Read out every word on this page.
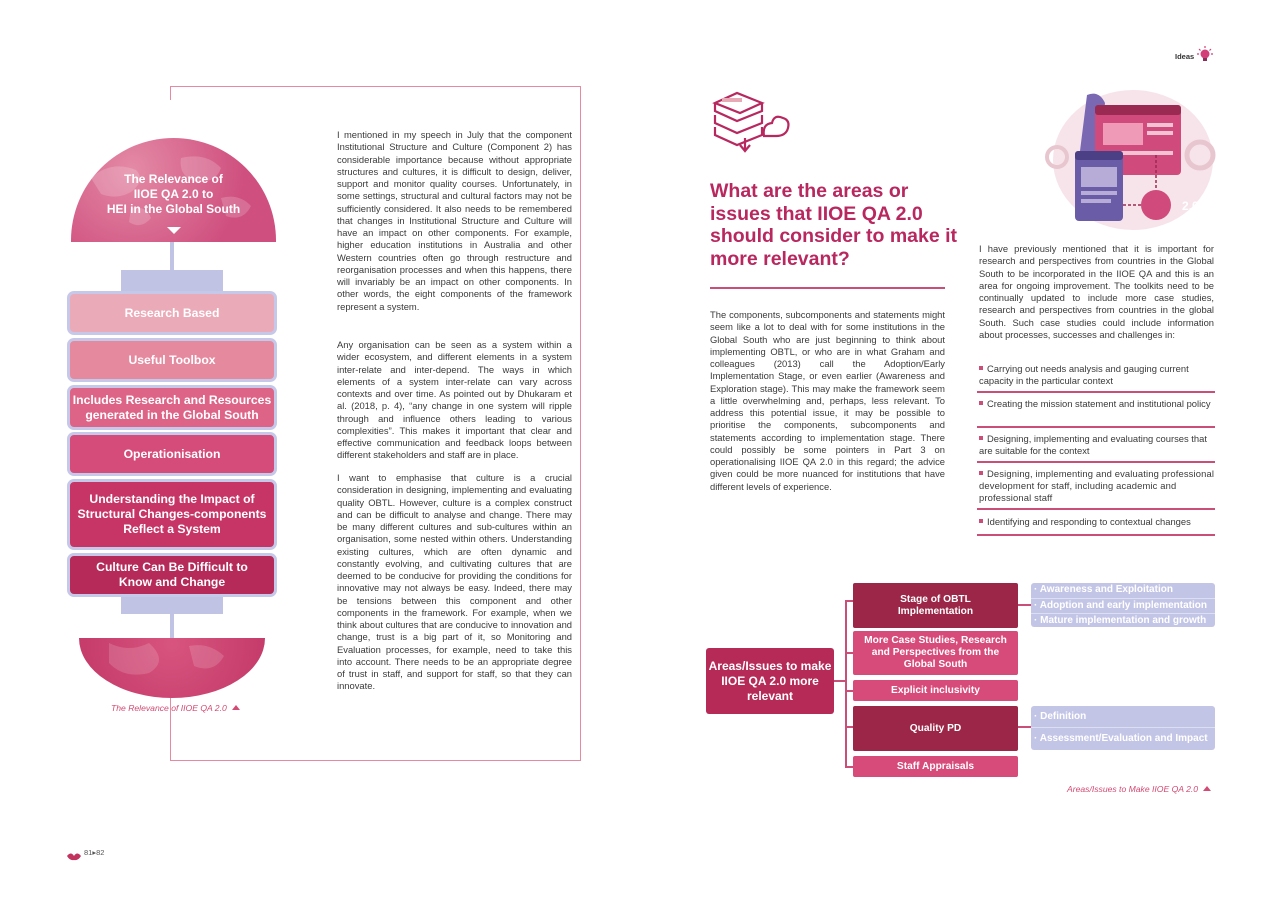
The Relevance of
IIOE QA 2.0 to
HEI in the Global South
Research Based
Useful Toolbox
Includes Research and Resources generated in the Global South
Operationisation
Understanding the Impact of Structural Changes-components Reflect a System
Culture Can Be Difficult to Know and Change
The Relevance of IIOE QA 2.0

I mentioned in my speech in July that the component Institutional Structure and Culture (Component 2) has considerable importance because without appropriate structures and cultures, it is difficult to design, deliver, support and monitor quality courses. Unfortunately, in some settings, structural and cultural factors may not be sufficiently considered. It also needs to be remembered that changes in Institutional Structure and Culture will have an impact on other components. For example, higher education institutions in Australia and other Western countries often go through restructure and reorganisation processes and when this happens, there will invariably be an impact on other components. In other words, the eight components of the framework represent a system.

Any organisation can be seen as a system within a wider ecosystem, and different elements in a system inter-relate and inter-depend. The ways in which elements of a system inter-relate can vary across contexts and over time. As pointed out by Dhukaram et al. (2018, p. 4), “any change in one system will ripple through and influence others leading to various complexities”. This makes it important that clear and effective communication and feedback loops between different stakeholders and staff are in place.

I want to emphasise that culture is a crucial consideration in designing, implementing and evaluating quality OBTL. However, culture is a complex construct and can be difficult to analyse and change. There may be many different cultures and sub-cultures within an organisation, some nested within others. Understanding existing cultures, which are often dynamic and constantly evolving, and cultivating cultures that are deemed to be conducive for providing the conditions for innovative may not always be easy. Indeed, there may be tensions between this component and other components in the framework. For example, when we think about cultures that are conducive to innovation and change, trust is a big part of it, so Monitoring and Evaluation processes, for example, need to take this into account. There needs to be an appropriate degree of trust in staff, and support for staff, so that they can innovate.

81▸82
Ideas
What are the areas or issues that IIOE QA 2.0 should consider to make it more relevant?

The components, subcomponents and statements might seem like a lot to deal with for some institutions in the Global South who are just beginning to think about implementing OBTL, or who are in what Graham and colleagues (2013) call the Adoption/Early Implementation Stage, or even earlier (Awareness and Exploration stage). This may make the framework seem a little overwhelming and, perhaps, less relevant. To address this potential issue, it may be possible to prioritise the components, subcomponents and statements according to implementation stage. There could possibly be some pointers in Part 3 on operationalising IIOE QA 2.0 in this regard; the advice given could be more nuanced for institutions that have different levels of experience.

2.0

I have previously mentioned that it is important for research and perspectives from countries in the Global South to be incorporated in the IIOE QA and this is an area for ongoing improvement. The toolkits need to be continually updated to include more case studies, research and perspectives from countries in the global South. Such case studies could include information about processes, successes and challenges in:

Carrying out needs analysis and gauging current capacity in the particular context
Creating the mission statement and institutional policy
Designing, implementing and evaluating courses that are suitable for the context
Designing, implementing and evaluating professional development for staff, including academic and professional staff
Identifying and responding to contextual changes
Areas/Issues to make IIOE QA 2.0 more relevant
Stage of OBTL Implementation
More Case Studies, Research and Perspectives from the Global South
Explicit inclusivity
Quality PD
Staff Appraisals
· Awareness and Exploitation
· Adoption and early implementation
· Mature implementation and growth
· Definition
· Assessment/Evaluation and Impact
Areas/Issues to Make IIOE QA 2.0
